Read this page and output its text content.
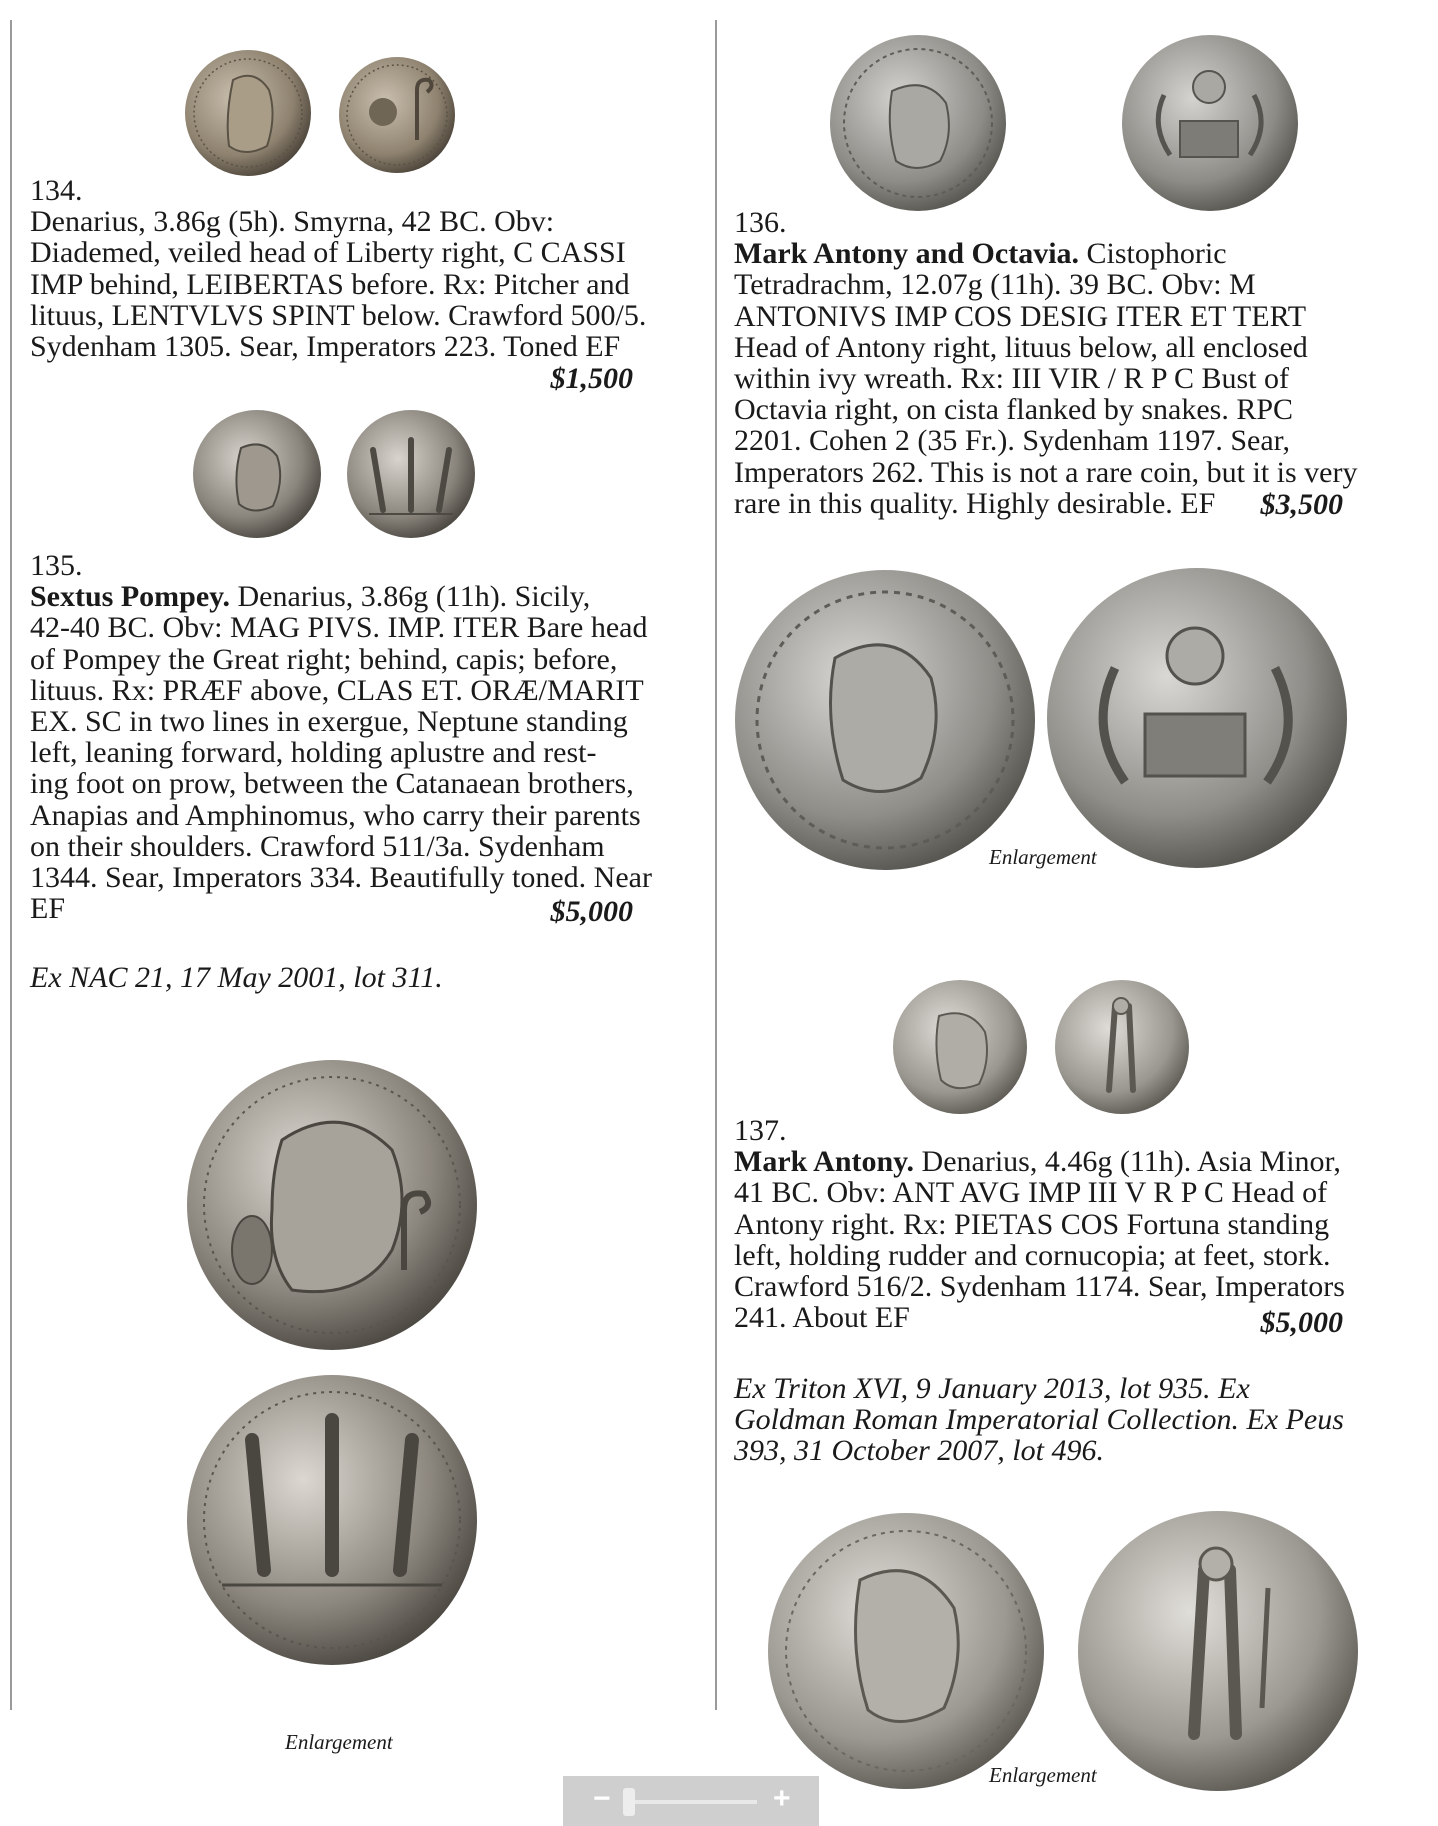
134.
Denarius, 3.86g (5h). Smyrna, 42 BC. Obv:
Diademed, veiled head of Liberty right, C CASSI
IMP behind, LEIBERTAS before. Rx: Pitcher and
lituus, LENTVLVS SPINT below. Crawford 500/5.
Sydenham 1305. Sear, Imperators 223. Toned EF
$1,500
135.
Sextus Pompey. Denarius, 3.86g (11h). Sicily,
42-40 BC. Obv: MAG PIVS. IMP. ITER Bare head
of Pompey the Great right; behind, capis; before,
lituus. Rx: PRÆF above, CLAS ET. ORÆ/MARIT
EX. SC in two lines in exergue, Neptune standing
left, leaning forward, holding aplustre and rest-
ing foot on prow, between the Catanaean brothers,
Anapias and Amphinomus, who carry their parents
on their shoulders. Crawford 511/3a. Sydenham
1344. Sear, Imperators 334. Beautifully toned. Near
EF	$5,000
Ex NAC 21, 17 May 2001, lot 311.
Enlargement
136.
Mark Antony and Octavia. Cistophoric
Tetradrachm, 12.07g (11h). 39 BC. Obv: M
ANTONIVS IMP COS DESIG ITER ET TERT
Head of Antony right, lituus below, all enclosed
within ivy wreath. Rx: III VIR / R P C Bust of
Octavia right, on cista flanked by snakes. RPC
2201. Cohen 2 (35 Fr.). Sydenham 1197. Sear,
Imperators 262. This is not a rare coin, but it is very
rare in this quality. Highly desirable. EF	$3,500
Enlargement
137.
Mark Antony. Denarius, 4.46g (11h). Asia Minor,
41 BC. Obv: ANT AVG IMP III V R P C Head of
Antony right. Rx: PIETAS COS Fortuna standing
left, holding rudder and cornucopia; at feet, stork.
Crawford 516/2. Sydenham 1174. Sear, Imperators
241. About EF	$5,000
Ex Triton XVI, 9 January 2013, lot 935. Ex
Goldman Roman Imperatorial Collection. Ex Peus
393, 31 October 2007, lot 496.
Enlargement
−	+
